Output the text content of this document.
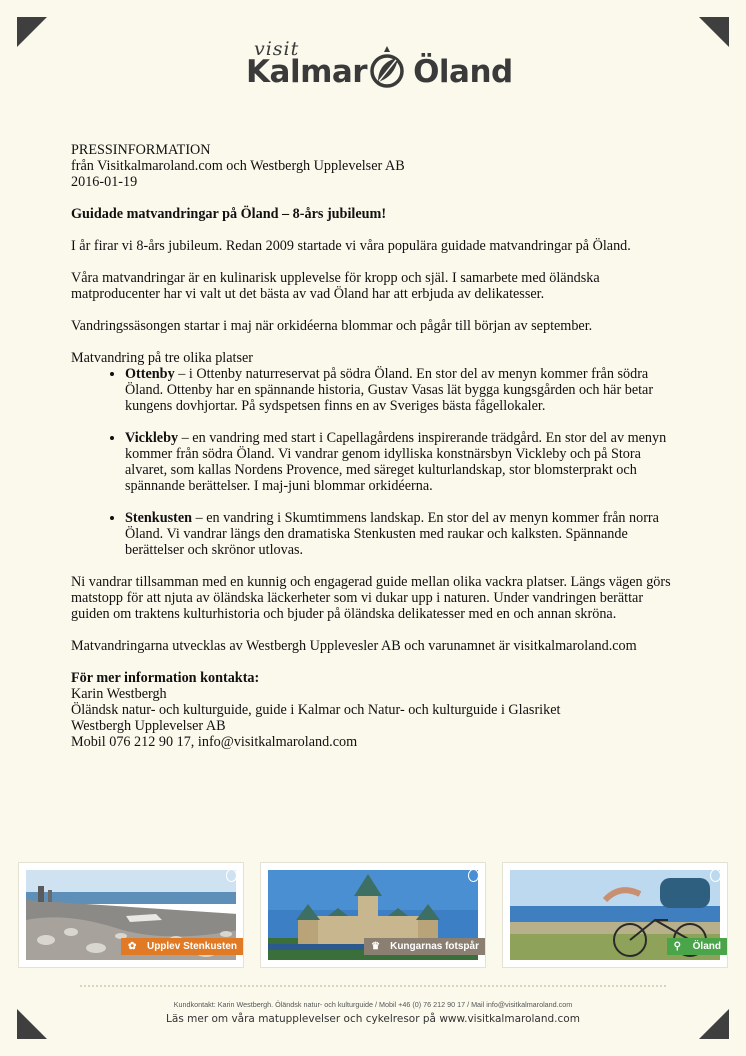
visit
Kalmar Öland

PRESSINFORMATION

från Visitkalmaroland.com och Westbergh Upplevelser AB

2016-01-19

Guidade matvandringar på Öland – 8-års jubileum!

I år firar vi 8-års jubileum. Redan 2009 startade vi våra populära guidade matvandringar på Öland.

Våra matvandringar är en kulinarisk upplevelse för kropp och själ. I samarbete med öländska matproducenter har vi valt ut det bästa av vad Öland har att erbjuda av delikatesser.

Vandringssäsongen startar i maj när orkidéerna blommar och pågår till början av september.

Matvandring på tre olika platser

• Ottenby – i Ottenby naturreservat på södra Öland. En stor del av menyn kommer från södra Öland. Ottenby har en spännande historia, Gustav Vasas lät bygga kungsgården och här betar kungens dovhjortar. På sydspetsen finns en av Sveriges bästa fågellokaler.
• Vickleby – en vandring med start i Capellagårdens inspirerande trädgård. En stor del av menyn kommer från södra Öland. Vi vandrar genom idylliska konstnärsbyn Vickleby och på Stora alvaret, som kallas Nordens Provence, med säreget kulturlandskap, stor blomsterprakt och spännande berättelser. I maj-juni blommar orkidéerna.
• Stenkusten – en vandring i Skumtimmens landskap. En stor del av menyn kommer från norra Öland. Vi vandrar längs den dramatiska Stenkusten med raukar och kalksten. Spännande berättelser och skrönor utlovas.

Ni vandrar tillsamman med en kunnig och engagerad guide mellan olika vackra platser. Längs vägen görs matstopp för att njuta av öländska läckerheter som vi dukar upp i naturen. Under vandringen berättar guiden om traktens kulturhistoria och bjuder på öländska delikatesser med en och annan skröna.

Matvandringarna utvecklas av Westbergh Upplevesler AB och varunamnet är visitkalmaroland.com

För mer information kontakta:

Karin Westbergh

Öländsk natur- och kulturguide, guide i Kalmar och Natur- och kulturguide i Glasriket

Westbergh Upplevelser AB

Mobil 076 212 90 17, info@visitkalmaroland.com

✿ Upplev Stenkusten	♛ Kungarnas fotspår	⚲ Öland
Kundkontakt: Karin Westbergh. Öländsk natur- och kulturguide / Mobil +46 (0) 76 212 90 17 / Mail info@visitkalmaroland.com
Läs mer om våra matupplevelser och cykelresor på www.visitkalmaroland.com
